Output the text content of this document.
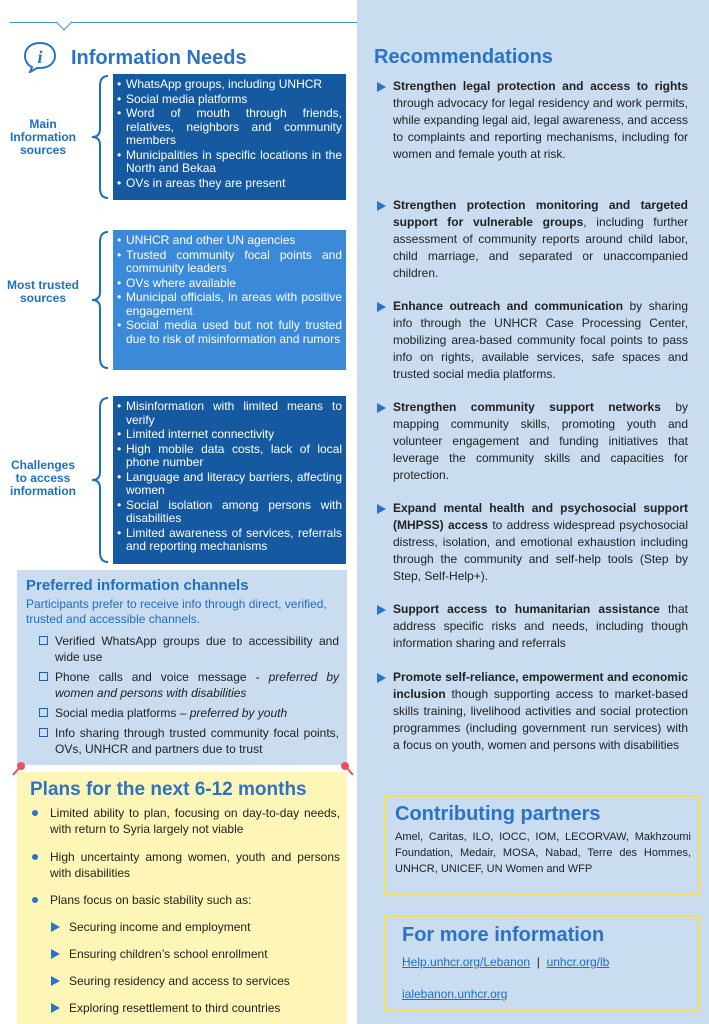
i Information Needs
Main Information sources
• WhatsApp groups, including UNHCR
• Social media platforms
• Word of mouth through friends, relatives, neighbors and community members
• Municipalities in specific locations in the North and Bekaa
• OVs in areas they are present
Most trusted sources
• UNHCR and other UN agencies
• Trusted community focal points and community leaders
• OVs where available
• Municipal officials, in areas with positive engagement
• Social media used but not fully trusted due to risk of misinformation and rumors
Challenges to access information
• Misinformation with limited means to verify
• Limited internet connectivity
• High mobile data costs, lack of local phone number
• Language and literacy barriers, affecting women
• Social isolation among persons with disabilities
• Limited awareness of services, referrals and reporting mechanisms
Preferred information channels
Participants prefer to receive info through direct, verified, trusted and accessible channels.
Verified WhatsApp groups due to accessibility and wide use
Phone calls and voice message - preferred by women and persons with disabilities
Social media platforms – preferred by youth
Info sharing through trusted community focal points, OVs, UNHCR and partners due to trust
Plans for the next 6-12 months
Limited ability to plan, focusing on day-to-day needs, with return to Syria largely not viable
High uncertainty among women, youth and persons with disabilities
Plans focus on basic stability such as:
Securing income and employment
Ensuring children’s school enrollment
Seuring residency and access to services
Exploring resettlement to third countries
Recommendations
Strengthen legal protection and access to rights through advocacy for legal residency and work permits, while expanding legal aid, legal awareness, and access to complaints and reporting mechanisms, including for women and female youth at risk.
Strengthen protection monitoring and targeted support for vulnerable groups, including further assessment of community reports around child labor, child marriage, and separated or unaccompanied children.
Enhance outreach and communication by sharing info through the UNHCR Case Processing Center, mobilizing area-based community focal points to pass info on rights, available services, safe spaces and trusted social media platforms.
Strengthen community support networks by mapping community skills, promoting youth and volunteer engagement and funding initiatives that leverage the community skills and capacities for protection.
Expand mental health and psychosocial support (MHPSS) access to address widespread psychosocial distress, isolation, and emotional exhaustion including through the community and self-help tools (Step by Step, Self-Help+).
Support access to humanitarian assistance that address specific risks and needs, including though information sharing and referrals
Promote self-reliance, empowerment and economic inclusion though supporting access to market-based skills training, livelihood activities and social protection programmes (including government run services) with a focus on youth, women and persons with disabilities
Contributing partners
Amel, Caritas, ILO, IOCC, IOM, LECORVAW, Makhzoumi Foundation, Medair, MOSA, Nabad, Terre des Hommes, UNHCR, UNICEF, UN Women and WFP
For more information
Help.unhcr.org/Lebanon | unhcr.org/lb
ialebanon.unhcr.org
